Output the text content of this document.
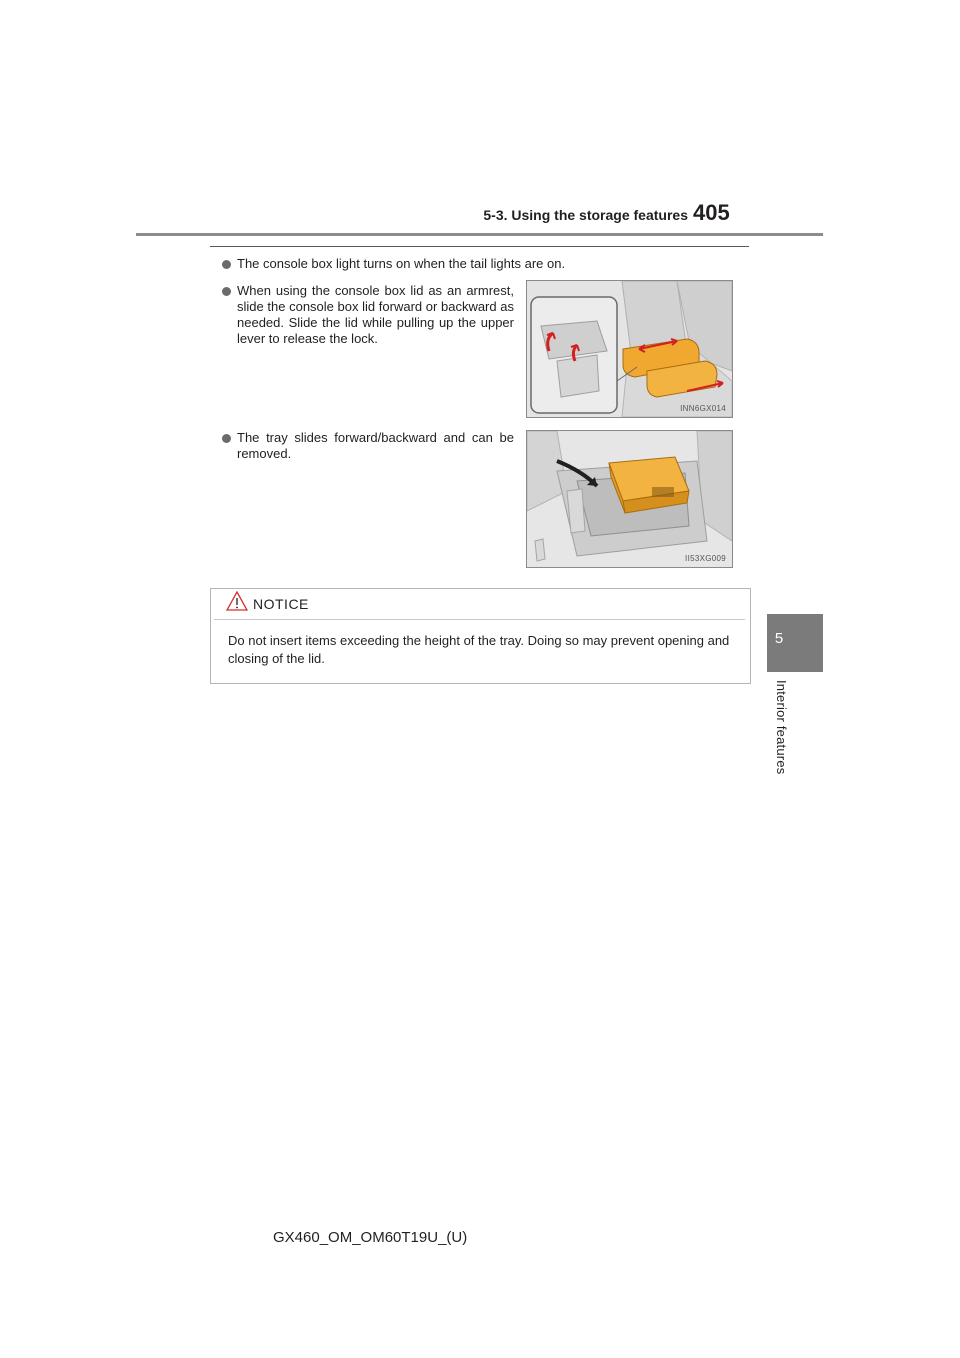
5-3. Using the storage features 405
5
Interior features
The console box light turns on when the tail lights are on.
When using the console box lid as an armrest, slide the console box lid forward or backward as needed. Slide the lid while pulling up the upper lever to release the lock.
INN6GX014
The tray slides forward/backward and can be removed.
II53XG009
NOTICE
Do not insert items exceeding the height of the tray. Doing so may prevent opening and closing of the lid.
GX460_OM_OM60T19U_(U)
